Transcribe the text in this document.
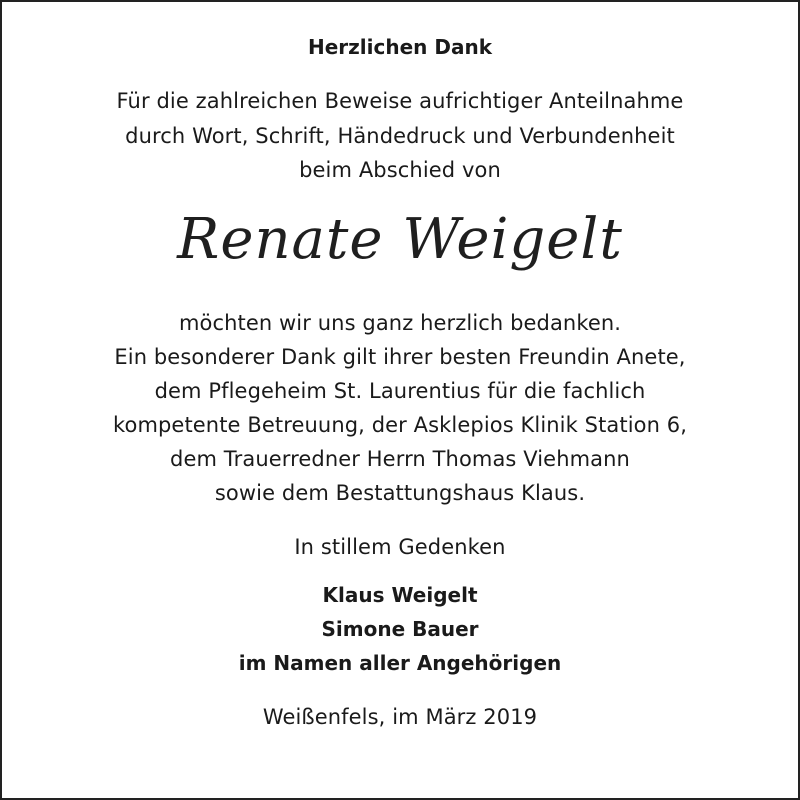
Herzlichen Dank
Für die zahlreichen Beweise aufrichtiger Anteilnahme
durch Wort, Schrift, Händedruck und Verbundenheit
beim Abschied von
Renate Weigelt
möchten wir uns ganz herzlich bedanken.
Ein besonderer Dank gilt ihrer besten Freundin Anete,
dem Pflegeheim St. Laurentius für die fachlich
kompetente Betreuung, der Asklepios Klinik Station 6,
dem Trauerredner Herrn Thomas Viehmann
sowie dem Bestattungshaus Klaus.
In stillem Gedenken
Klaus Weigelt
Simone Bauer
im Namen aller Angehörigen
Weißenfels, im März 2019
